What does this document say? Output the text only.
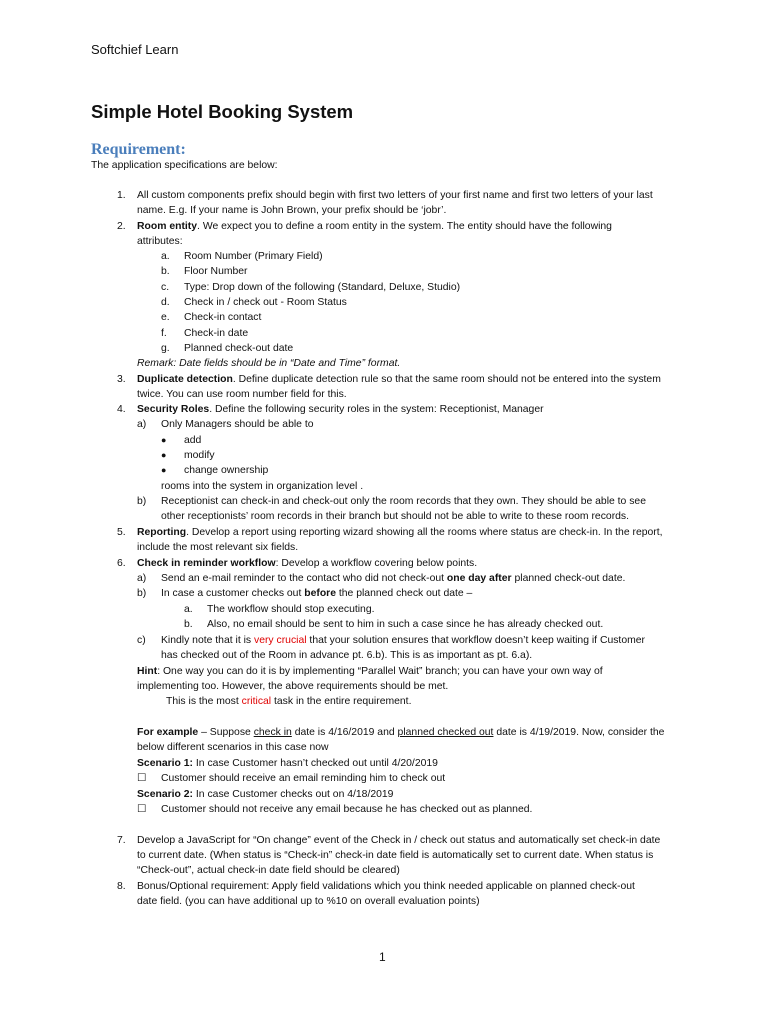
Softchief Learn
Simple Hotel Booking System
Requirement:
The application specifications are below:
1. All custom components prefix should begin with first two letters of your first name and first two letters of your last
name. E.g. If your name is John Brown, your prefix should be ‘jobr’.
2. Room entity. We expect you to define a room entity in the system. The entity should have the following
attributes:
a. Room Number (Primary Field)
b. Floor Number
c. Type: Drop down of the following (Standard, Deluxe, Studio)
d. Check in / check out - Room Status
e. Check-in contact
f. Check-in date
g. Planned check-out date
Remark: Date fields should be in “Date and Time” format.
3. Duplicate detection. Define duplicate detection rule so that the same room should not be entered into the system
twice. You can use room number field for this.
4. Security Roles. Define the following security roles in the system: Receptionist, Manager
a) Only Managers should be able to
● add
● modify
● change ownership
rooms into the system in organization level .
b) Receptionist can check-in and check-out only the room records that they own. They should be able to see
other receptionists’ room records in their branch but should not be able to write to these room records.
5. Reporting. Develop a report using reporting wizard showing all the rooms where status are check-in. In the report,
include the most relevant six fields.
6. Check in reminder workflow: Develop a workflow covering below points.
a) Send an e-mail reminder to the contact who did not check-out one day after planned check-out date.
b) In case a customer checks out before the planned check out date –
a. The workflow should stop executing.
b. Also, no email should be sent to him in such a case since he has already checked out.
c) Kindly note that it is very crucial that your solution ensures that workflow doesn’t keep waiting if Customer
has checked out of the Room in advance pt. 6.b). This is as important as pt. 6.a).
Hint: One way you can do it is by implementing “Parallel Wait” branch; you can have your own way of
implementing too. However, the above requirements should be met.
This is the most critical task in the entire requirement.
For example – Suppose check in date is 4/16/2019 and planned checked out date is 4/19/2019. Now, consider the
below different scenarios in this case now
Scenario 1: In case Customer hasn’t checked out until 4/20/2019
☐ Customer should receive an email reminding him to check out
Scenario 2: In case Customer checks out on 4/18/2019
☐ Customer should not receive any email because he has checked out as planned.
7. Develop a JavaScript for “On change” event of the Check in / check out status and automatically set check-in date
to current date. (When status is “Check-in” check-in date field is automatically set to current date. When status is
“Check-out”, actual check-in date field should be cleared)
8. Bonus/Optional requirement: Apply field validations which you think needed applicable on planned check-out
date field. (you can have additional up to %10 on overall evaluation points)
1
